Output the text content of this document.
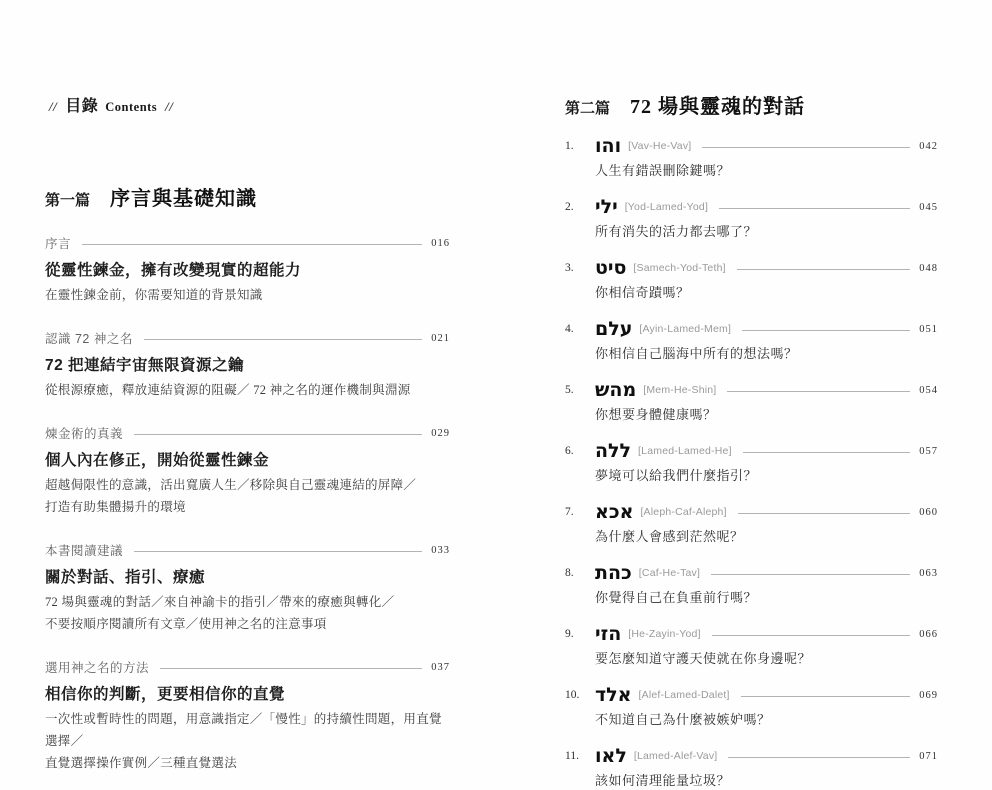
// 目錄 Contents //
第一篇 序言與基礎知識
序言	016
從靈性鍊金，擁有改變現實的超能力
在靈性鍊金前，你需要知道的背景知識
認識 72 神之名	021
72 把連結宇宙無限資源之鑰
從根源療癒，釋放連結資源的阻礙／ 72 神之名的運作機制與淵源
煉金術的真義	029
個人內在修正，開始從靈性鍊金
超越侷限性的意識，活出寬廣人生／移除與自己靈魂連結的屏障／
打造有助集體揚升的環境
本書閱讀建議	033
關於對話、指引、療癒
72 場與靈魂的對話／來自神諭卡的指引／帶來的療癒與轉化／
不要按順序閱讀所有文章／使用神之名的注意事項
選用神之名的方法	037
相信你的判斷，更要相信你的直覺
一次性或暫時性的問題，用意識指定／「慢性」的持續性問題，用直覺選擇／
直覺選擇操作實例／三種直覺選法
第二篇 72 場與靈魂的對話
1.	והו [Vav-He-Vav]	042
人生有錯誤刪除鍵嗎？
2.	ילי [Yod-Lamed-Yod]	045
所有消失的活力都去哪了？
3.	סיט [Samech-Yod-Teth]	048
你相信奇蹟嗎？
4.	עלם [Ayin-Lamed-Mem]	051
你相信自己腦海中所有的想法嗎？
5.	מהש [Mem-He-Shin]	054
你想要身體健康嗎？
6.	ללה [Lamed-Lamed-He]	057
夢境可以給我們什麼指引？
7.	אכא [Aleph-Caf-Aleph]	060
為什麼人會感到茫然呢？
8.	כהת [Caf-He-Tav]	063
你覺得自己在負重前行嗎？
9.	הזי [He-Zayin-Yod]	066
要怎麼知道守護天使就在你身邊呢？
10. אלד [Alef-Lamed-Dalet]	069
不知道自己為什麼被嫉妒嗎？
11. לאו [Lamed-Alef-Vav]	071
該如何清理能量垃圾？
